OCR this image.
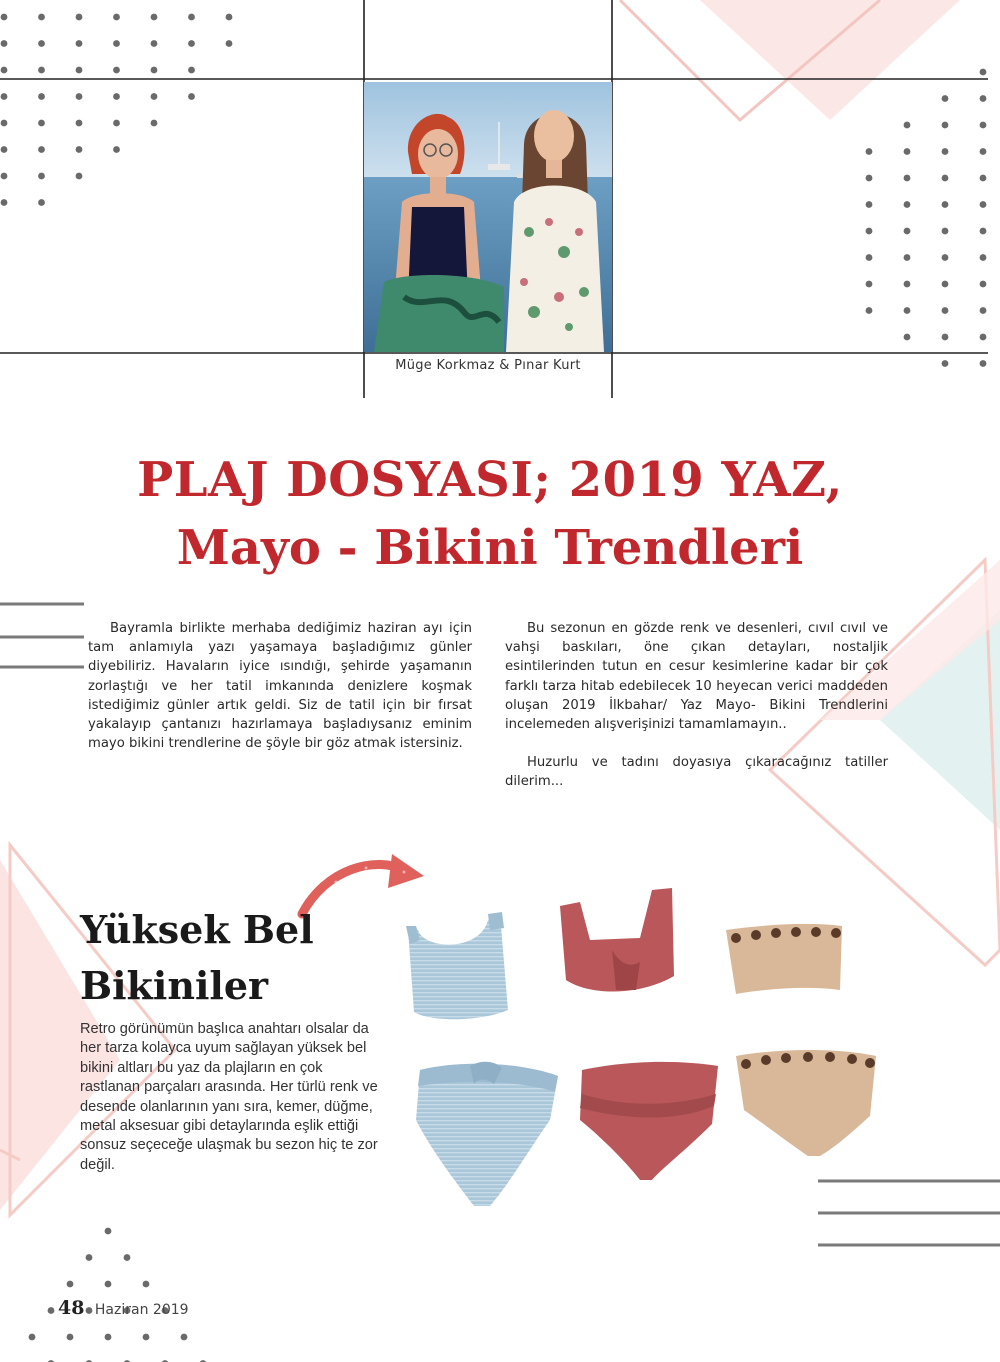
Müge Korkmaz & Pınar Kurt
PLAJ DOSYASI; 2019 YAZ,
Mayo - Bikini Trendleri

Bayramla birlikte merhaba dediğimiz haziran ayı için tam anlamıyla yazı yaşamaya başladığımız günler diyebiliriz. Havaların iyice ısındığı, şehirde yaşamanın zorlaştığı ve her tatil imkanında denizlere koşmak istediğimiz günler artık geldi. Siz de tatil için bir fırsat yakalayıp çantanızı hazırlamaya başladıysanız eminim mayo bikini trendlerine de şöyle bir göz atmak istersiniz.

Bu sezonun en gözde renk ve desenleri, cıvıl cıvıl ve vahşi baskıları, öne çıkan detayları, nostaljik esintilerinden tutun en cesur kesimlerine kadar bir çok farklı tarza hitab edebilecek 10 heyecan verici maddeden oluşan 2019 İlkbahar/ Yaz Mayo- Bikini Trendlerini incelemeden alışverişinizi tamamlamayın..

Huzurlu ve tadını doyasıya çıkaracağınız tatiller dilerim...

Yüksek Bel
Bikiniler

Retro görünümün başlıca anahtarı olsalar da her tarza kolayca uyum sağlayan yüksek bel bikini altları bu yaz da plajların en çok rastlanan parçaları arasında. Her türlü renk ve desende olanlarının yanı sıra, kemer, düğme, metal aksesuar gibi detaylarında eşlik ettiği sonsuz seçeceğe ulaşmak bu sezon hiç te zor değil.

48 Haziran 2019
